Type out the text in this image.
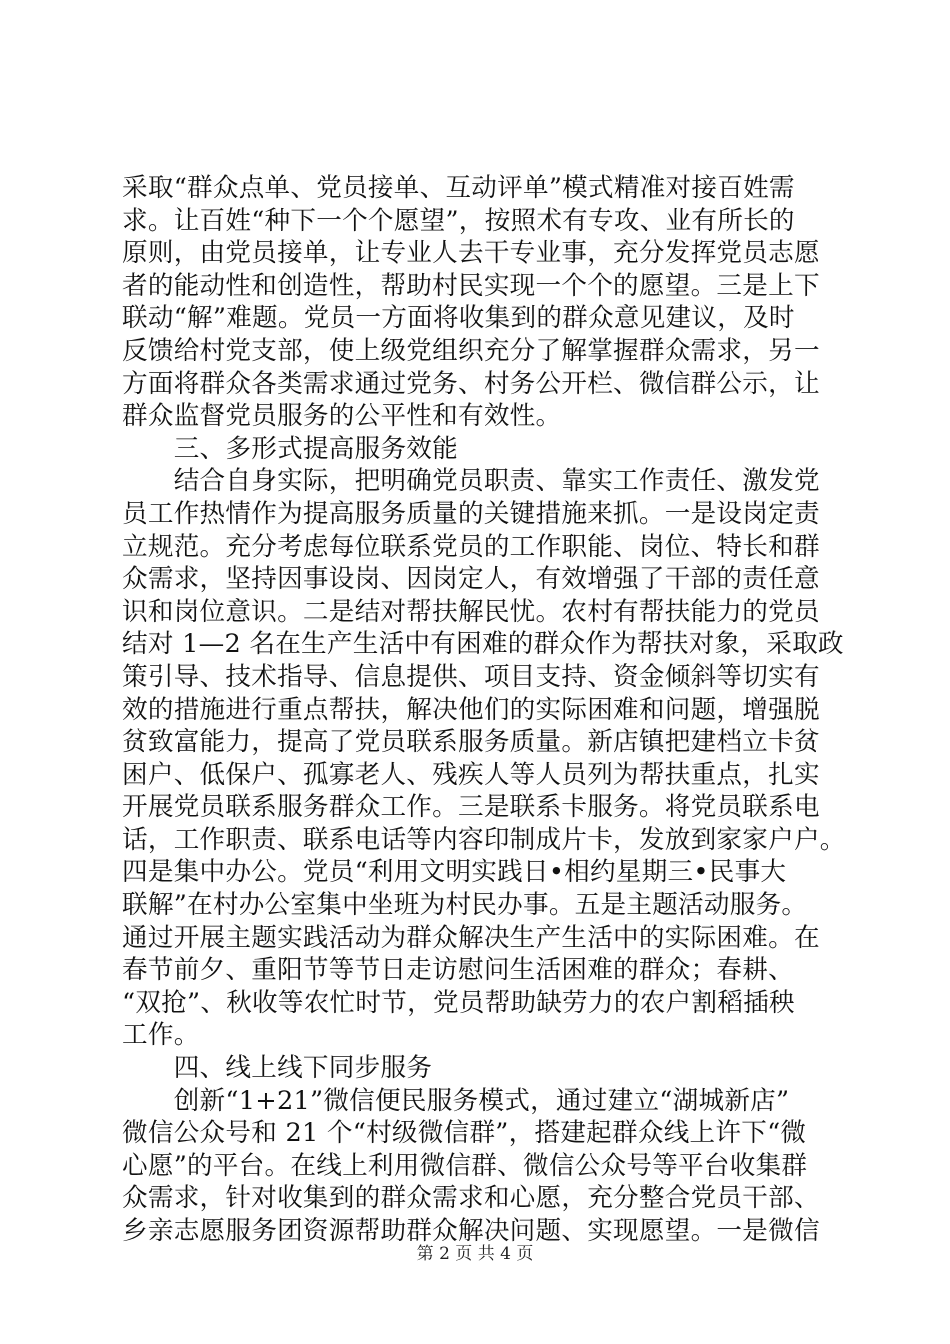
采取“群众点单、党员接单、互动评单”模式精准对接百姓需
求。让百姓“种下一个个愿望”，按照术有专攻、业有所长的
原则，由党员接单，让专业人去干专业事，充分发挥党员志愿
者的能动性和创造性，帮助村民实现一个个的愿望。三是上下
联动“解”难题。党员一方面将收集到的群众意见建议，及时
反馈给村党支部，使上级党组织充分了解掌握群众需求，另一
方面将群众各类需求通过党务、村务公开栏、微信群公示，让
群众监督党员服务的公平性和有效性。
　　三、多形式提高服务效能
　　结合自身实际，把明确党员职责、靠实工作责任、激发党
员工作热情作为提高服务质量的关键措施来抓。一是设岗定责
立规范。充分考虑每位联系党员的工作职能、岗位、特长和群
众需求，坚持因事设岗、因岗定人，有效增强了干部的责任意
识和岗位意识。二是结对帮扶解民忧。农村有帮扶能力的党员
结对 1—2 名在生产生活中有困难的群众作为帮扶对象，采取政
策引导、技术指导、信息提供、项目支持、资金倾斜等切实有
效的措施进行重点帮扶，解决他们的实际困难和问题，增强脱
贫致富能力，提高了党员联系服务质量。新店镇把建档立卡贫
困户、低保户、孤寡老人、残疾人等人员列为帮扶重点，扎实
开展党员联系服务群众工作。三是联系卡服务。将党员联系电
话，工作职责、联系电话等内容印制成片卡，发放到家家户户。
四是集中办公。党员“利用文明实践日•相约星期三•民事大
联解”在村办公室集中坐班为村民办事。五是主题活动服务。
通过开展主题实践活动为群众解决生产生活中的实际困难。在
春节前夕、重阳节等节日走访慰问生活困难的群众；春耕、
“双抢”、秋收等农忙时节，党员帮助缺劳力的农户割稻插秧
工作。
　　四、线上线下同步服务
　　创新“1+21”微信便民服务模式，通过建立“湖城新店”
微信公众号和 21 个“村级微信群”，搭建起群众线上许下“微
心愿”的平台。在线上利用微信群、微信公众号等平台收集群
众需求，针对收集到的群众需求和心愿，充分整合党员干部、
乡亲志愿服务团资源帮助群众解决问题、实现愿望。一是微信
第 2 页 共 4 页
